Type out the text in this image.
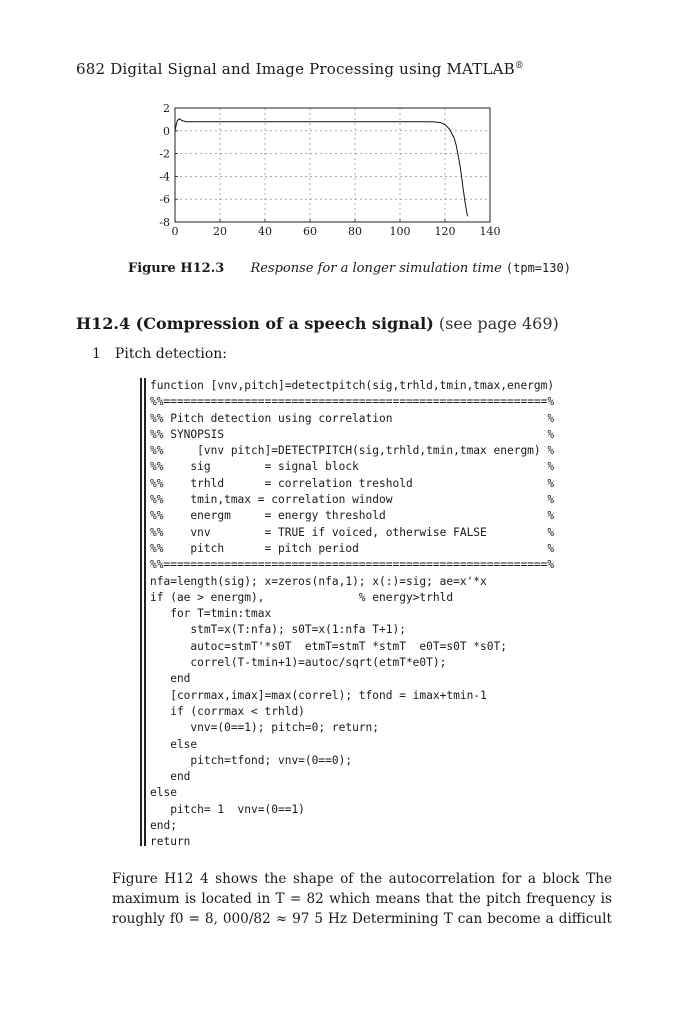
682 Digital Signal and Image Processing using MATLAB®
0	20	40	60	80	100 120 140
2
0
-2
-4
-6
-8
Figure H12.3 Response for a longer simulation time (tpm=130)
H12.4 (Compression of a speech signal) (see page 469)
1 Pitch detection:
function [vnv,pitch]=detectpitch(sig,trhld,tmin,tmax,energm)
%%=========================================================%
%% Pitch detection using correlation                       %
%% SYNOPSIS                                                %
%%     [vnv pitch]=DETECTPITCH(sig,trhld,tmin,tmax energm) %
%%    sig        = signal block                            %
%%    trhld      = correlation treshold                    %
%%    tmin,tmax = correlation window                       %
%%    energm     = energy threshold                        %
%%    vnv        = TRUE if voiced, otherwise FALSE         %
%%    pitch      = pitch period                            %
%%=========================================================%
nfa=length(sig); x=zeros(nfa,1); x(:)=sig; ae=x'*x
if (ae > energm),              % energy>trhld
for T=tmin:tmax
stmT=x(T:nfa); s0T=x(1:nfa T+1);
autoc=stmT'*s0T  etmT=stmT *stmT  e0T=s0T *s0T;
correl(T-tmin+1)=autoc/sqrt(etmT*e0T);
end
[corrmax,imax]=max(correl); tfond = imax+tmin-1
if (corrmax < trhld)
vnv=(0==1); pitch=0; return;
else
pitch=tfond; vnv=(0==0);
end
else
pitch= 1  vnv=(0==1)
end;
return
Figure H12 4 shows the shape of the autocorrelation for a block The
maximum is located in T = 82 which means that the pitch frequency is
roughly f0 = 8, 000/82 ≈ 97 5 Hz Determining T can become a difficult
